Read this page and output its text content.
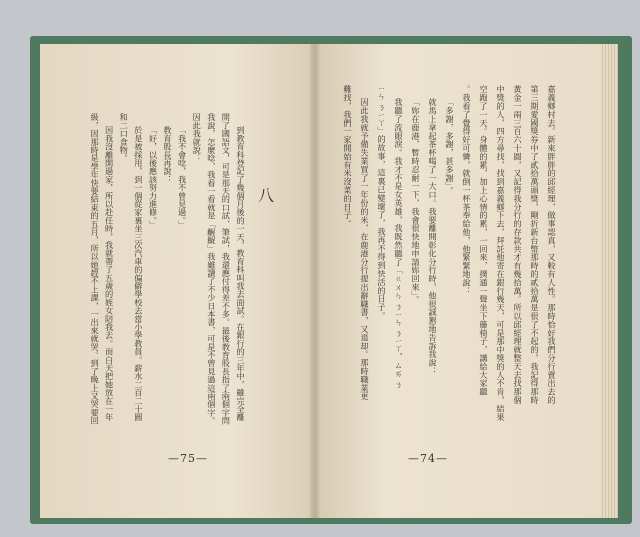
八

到教育科登記了幾個月後的一天，教育科叫我去面試。在銀行的三年中，雖完全離

開了國語文，可是那天的口試、筆試，我還應付得差不多。最後教育股長指了兩個字問

我說，怎麼唸，我看一看就是「齷齪」我雖讀了不少日本書，可是不曾見過這兩個字。

因此我就說：

「我不會唸，我不曾見過。」

教育股長再說：

「好，以後應該努力進修。」

於是被採用，到一個從家裏坐三次汽車的偏僻學校去當小學教員。薪水二百二十圓

和二口食物。

因我沒離開過家，所以赴任時，我就帶了五歲的姪女陪我去。而白天把她放在一年

級，因那時是學年快要結束的五月，所以她趕不上課，一出來就哭。到了晚上又哭要回	嘉義鄉村去。新來胖胖的邱經理，做事認真，又較有人性。那時恰好我們分行賣出去的

第三期愛國獎券中了貳拾萬頭獎，剛折新台幣那時的貳拾萬是很了不起的，我記得那時

黃金一兩三百六十圓，又記得我分行的存款共才有幾拾萬。所以邱經理就整天去找那個

中獎的人，四方尋找，找到嘉義鄉下去，拜託他寄在銀行幾天，可是那中獎的人不肯，結果

空跑了一天。身體的累，加上心情的累，一回來，撲通一聲坐下籐椅子，講給大家聽

。我看了覺得好可憐，就倒一杯茶奉給他，他緊緊地說：

「多謝，多謝，甚多謝」。

就馬上拿起茶杯喝了一大口。我要離開彰化分行時，他很誠懇地告訴我說：

「妳在鹿港，暫時忍耐一下，我會很快地申請妳回來」。

我聽了流眼淚。我才不是女英雄，我既然聽了「ㄍㄨㄣ ㄋㄧㄣ ㄋㄧㄚ，ㄙㄞ ㄋ

ㄧㄣ ㄋㄧㄚ」的故事，這裏已變壞了，我再不得到快活的日子。

因此我就予備失業買了一年份的米，在鹿港分行提出辭職書，又退却。那時職業更

難找，我們一家開始有米沒菜的日子。

—75—	—74—
